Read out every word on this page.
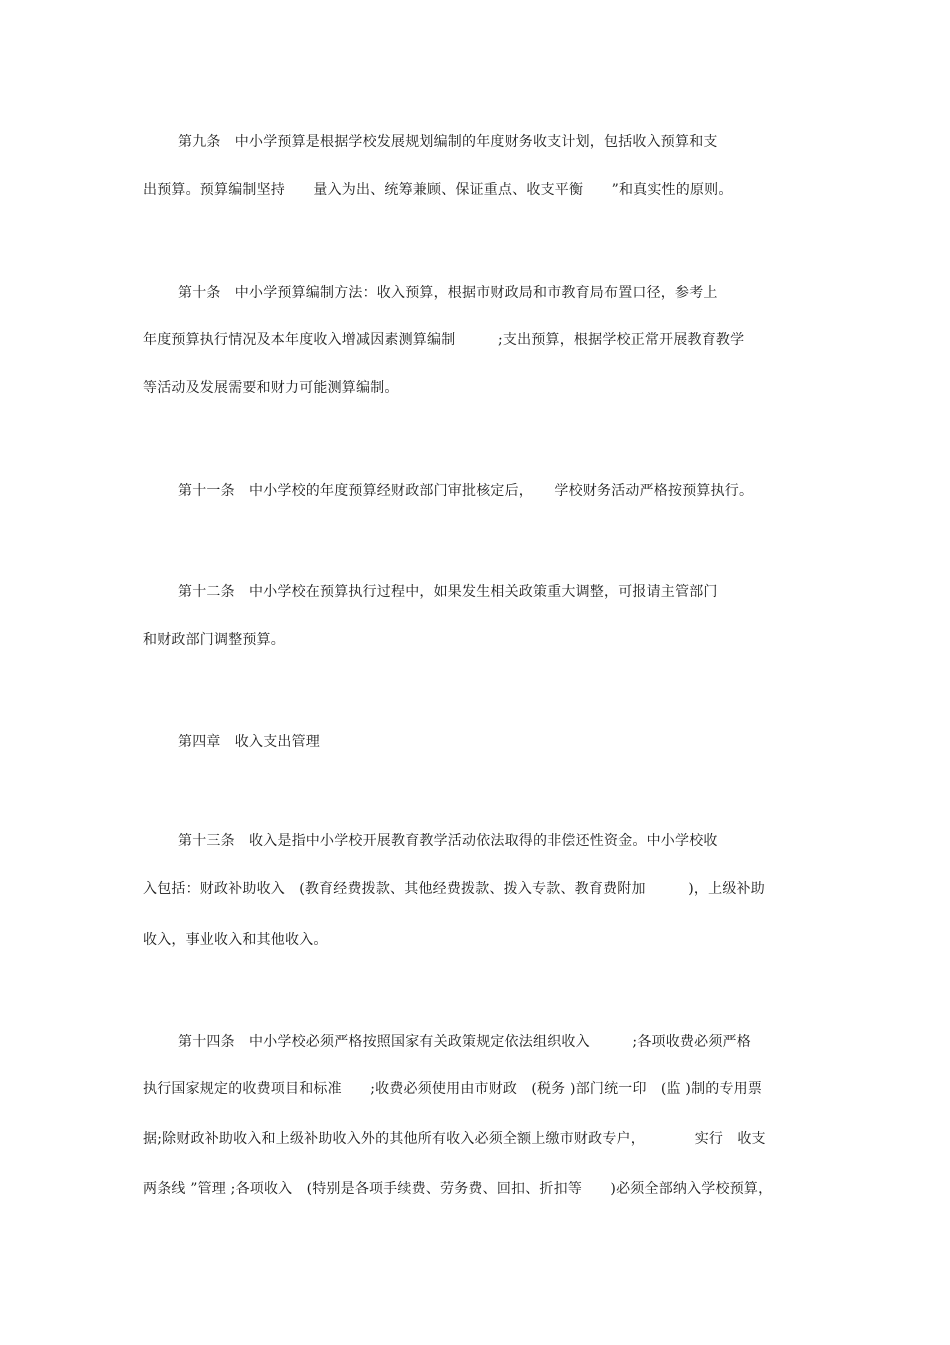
第九条　中小学预算是根据学校发展规划编制的年度财务收支计划，包括收入预算和支
出预算。预算编制坚持　　量入为出、统筹兼顾、保证重点、收支平衡　　”和真实性的原则。
第十条　中小学预算编制方法：收入预算，根据市财政局和市教育局布置口径，参考上
年度预算执行情况及本年度收入增减因素测算编制　　　;支出预算，根据学校正常开展教育教学
等活动及发展需要和财力可能测算编制。
第十一条　中小学校的年度预算经财政部门审批核定后，　　学校财务活动严格按预算执行。
第十二条　中小学校在预算执行过程中，如果发生相关政策重大调整，可报请主管部门
和财政部门调整预算。
第四章　收入支出管理
第十三条　收入是指中小学校开展教育教学活动依法取得的非偿还性资金。中小学校收
入包括：财政补助收入　(教育经费拨款、其他经费拨款、拨入专款、教育费附加　　　)，上级补助
收入，事业收入和其他收入。
第十四条　中小学校必须严格按照国家有关政策规定依法组织收入　　　;各项收费必须严格
执行国家规定的收费项目和标准　　;收费必须使用由市财政　(税务 )部门统一印　(监 )制的专用票
据;除财政补助收入和上级补助收入外的其他所有收入必须全额上缴市财政专户，　　　　实行　收支
两条线 ”管理 ;各项收入　(特别是各项手续费、劳务费、回扣、折扣等　　)必须全部纳入学校预算，
